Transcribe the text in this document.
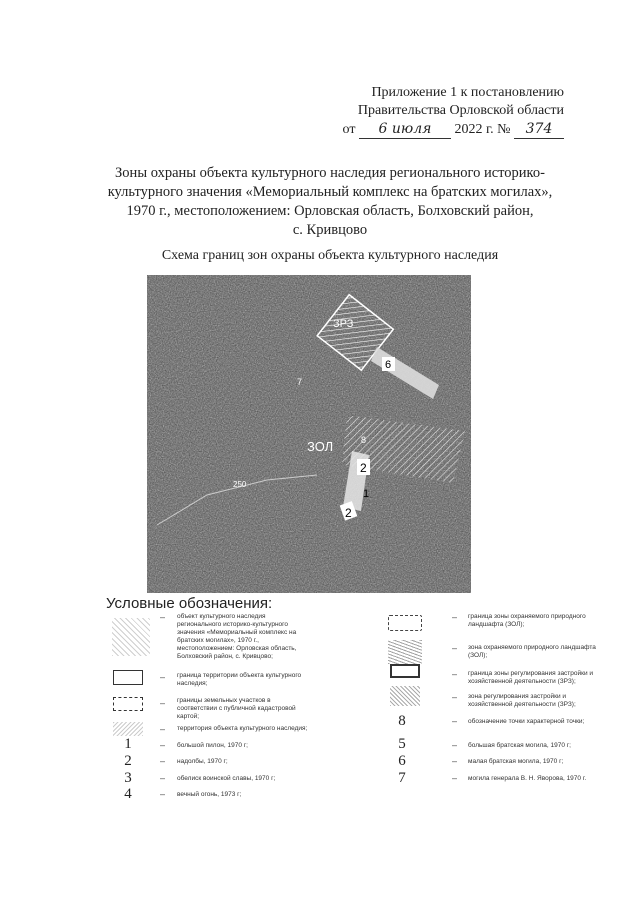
Приложение 1 к постановлению
Правительства Орловской области
от 6 июля 2022 г. № 374
Зоны охраны объекта культурного наследия регионального историко-
культурного значения «Мемориальный комплекс на братских могилах»,
1970 г., местоположением: Орловская область, Болховский район,
с. Кривцово
Схема границ зон охраны объекта культурного наследия
ЗРЗ
ЗОЛ
6
7
8
2
1
2
250
Условные обозначения:
– объект культурного наследия регионального историко-культурного значения «Мемориальный комплекс на братских могилах», 1970 г., местоположением: Орловская область, Болховский район, с. Кривцово;
– граница территории объекта культурного наследия;
– границы земельных участков в соответствии с публичной кадастровой картой;
– территория объекта культурного наследия;
– граница зоны охраняемого природного ландшафта (ЗОЛ);
– зона охраняемого природного ландшафта (ЗОЛ);
– граница зоны регулирования застройки и хозяйственной деятельности (ЗРЗ);
– зона регулирования застройки и хозяйственной деятельности (ЗРЗ);
8	– обозначение точки характерной точки;
1	– большой пилон, 1970 г;
2	– надолбы, 1970 г;
3	– обелиск воинской славы, 1970 г;
4	– вечный огонь, 1973 г;
5	– большая братская могила, 1970 г;
6	– малая братская могила, 1970 г;
7	– могила генерала В. Н. Яворова, 1970 г.
